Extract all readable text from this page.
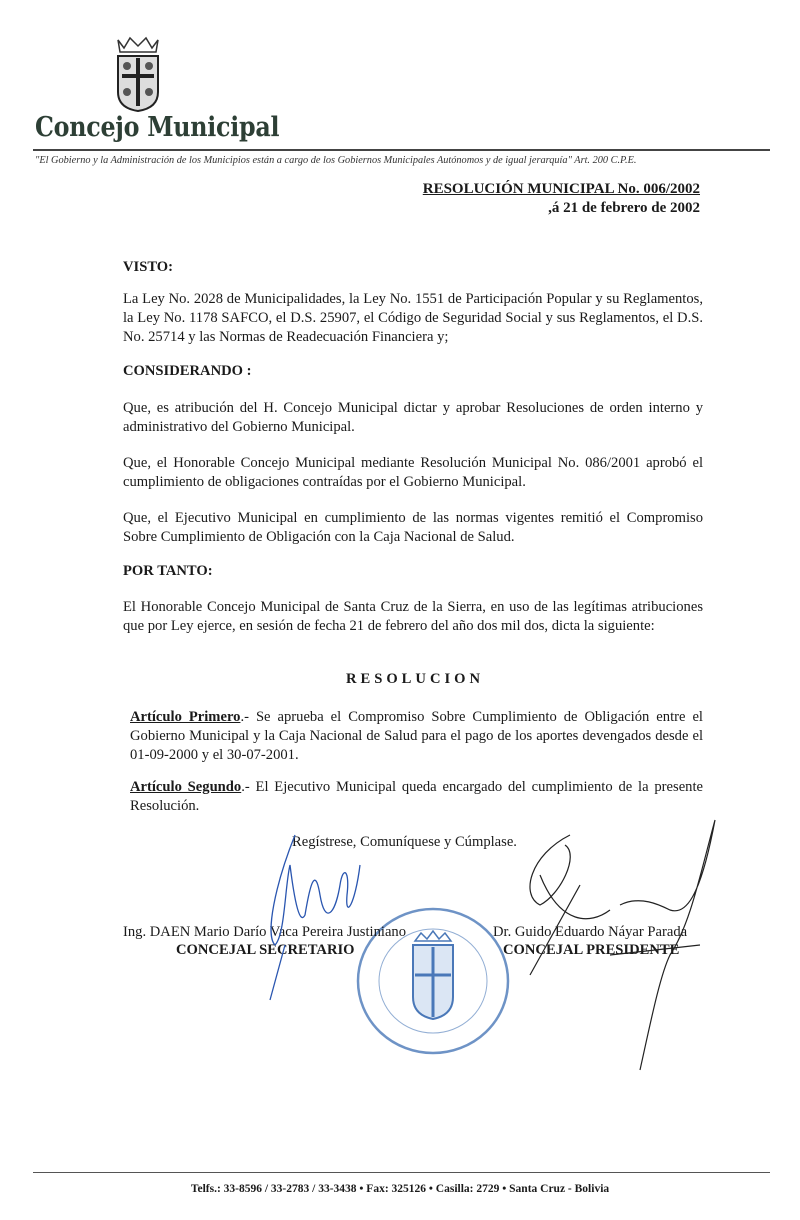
Concejo Municipal
"El Gobierno y la Administración de los Municipios están a cargo de los Gobiernos Municipales Autónomos y de igual jerarquía" Art. 200 C.P.E.
RESOLUCIÓN MUNICIPAL No. 006/2002
,á 21 de febrero de 2002
VISTO:
La Ley No. 2028 de Municipalidades, la Ley No. 1551 de Participación Popular y su Reglamentos, la Ley No. 1178 SAFCO, el D.S. 25907, el Código de Seguridad Social y sus Reglamentos, el D.S. No. 25714 y las Normas de Readecuación Financiera y;
CONSIDERANDO :
Que, es atribución del H. Concejo Municipal dictar y aprobar Resoluciones de orden interno y administrativo del Gobierno Municipal.
Que, el Honorable Concejo Municipal mediante Resolución Municipal No. 086/2001 aprobó el cumplimiento de obligaciones contraídas por el Gobierno Municipal.
Que, el Ejecutivo Municipal en cumplimiento de las normas vigentes remitió el Compromiso Sobre Cumplimiento de Obligación con la Caja Nacional de Salud.
POR TANTO:
El Honorable Concejo Municipal de Santa Cruz de la Sierra, en uso de las legítimas atribuciones que por Ley ejerce, en sesión de fecha 21 de febrero del año dos mil dos, dicta la siguiente:
RESOLUCION
Artículo Primero.- Se aprueba el Compromiso Sobre Cumplimiento de Obligación entre el Gobierno Municipal y la Caja Nacional de Salud para el pago de los aportes devengados desde el 01-09-2000 y el 30-07-2001.
Artículo Segundo.- El Ejecutivo Municipal queda encargado del cumplimiento de la presente Resolución.
Regístrese, Comuníquese y Cúmplase.
Ing. DAEN Mario Darío Vaca Pereira Justiniano
CONCEJAL SECRETARIO
Dr. Guido Eduardo Náyar Parada
CONCEJAL PRESIDENTE
Telfs.: 33-8596 / 33-2783 / 33-3438 • Fax: 325126 • Casilla: 2729 • Santa Cruz - Bolivia
